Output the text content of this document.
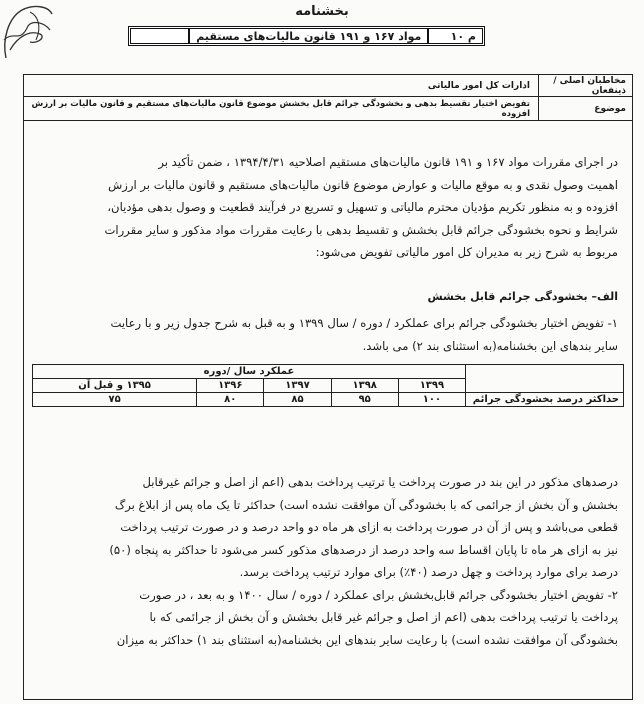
بخشنامه
م ۱۰
مواد ۱۶۷ و ۱۹۱ قانون مالیات‌های مستقیم
مخاطبان اصلی / ذینفعان
ادارات کل امور مالیاتی
موضوع
تفویض اختیار تقسیط بدهی و بخشودگی جرائم قابل بخشش موضوع قانون مالیات‌های مستقیم و قانون مالیات بر ارزش افزوده
در اجرای مقررات مواد ۱۶۷ و ۱۹۱ قانون مالیات‌های مستقیم اصلاحیه ۱۳۹۴/۴/۳۱ ، ضمن تأکید بر
اهمیت وصول نقدی و به موقع مالیات و عوارض موضوع قانون مالیات‌های مستقیم و قانون مالیات بر ارزش
افزوده و به منظور تکریم مؤدیان محترم مالیاتی و تسهیل و تسریع در فرآیند قطعیت و وصول بدهی مؤدیان،
شرایط و نحوه بخشودگی جرائم قابل بخشش و تقسیط بدهی با رعایت مقررات مواد مذکور و سایر مقررات
مربوط به شرح زیر به مدیران کل امور مالیاتی تفویض می‌شود:
الف– بخشودگی جرائم قابل بخشش
۱- تفویض اختیار بخشودگی جرائم برای عملکرد / دوره / سال ۱۳۹۹ و به قبل به شرح جدول زیر و با رعایت
سایر بندهای این بخشنامه(به استثنای بند ۲) می باشد.
	عملکرد سال /دوره				
	۱۳۹۹	۱۳۹۸	۱۳۹۷	۱۳۹۶	۱۳۹۵ و قبل آن
حداکثر درصد بخشودگی جرائم	۱۰۰	۹۵	۸۵	۸۰	۷۵
درصدهای مذکور در این بند در صورت پرداخت یا ترتیب پرداخت بدهی (اعم از اصل و جرائم غیرقابل
بخشش و آن بخش از جرائمی که با بخشودگی آن موافقت نشده است) حداکثر تا یک ماه پس از ابلاغ برگ
قطعی می‌باشد و پس از آن در صورت پرداخت به ازای هر ماه دو واحد درصد و در صورت ترتیب پرداخت
نیز به ازای هر ماه تا پایان اقساط سه واحد درصد از درصدهای مذکور کسر می‌شود تا حداکثر به پنجاه (۵۰)
درصد برای موارد پرداخت و چهل درصد (۴۰٪) برای موارد ترتیب پرداخت برسد.
۲- تفویض اختیار بخشودگی جرائم قابل‌بخشش برای عملکرد / دوره / سال ۱۴۰۰ و به بعد ، در صورت
پرداخت یا ترتیب پرداخت بدهی (اعم از اصل و جرائم غیر قابل بخشش و آن بخش از جرائمی که با
بخشودگی آن موافقت نشده است) با رعایت سایر بندهای این بخشنامه(به استثنای بند ۱) حداکثر به میزان
